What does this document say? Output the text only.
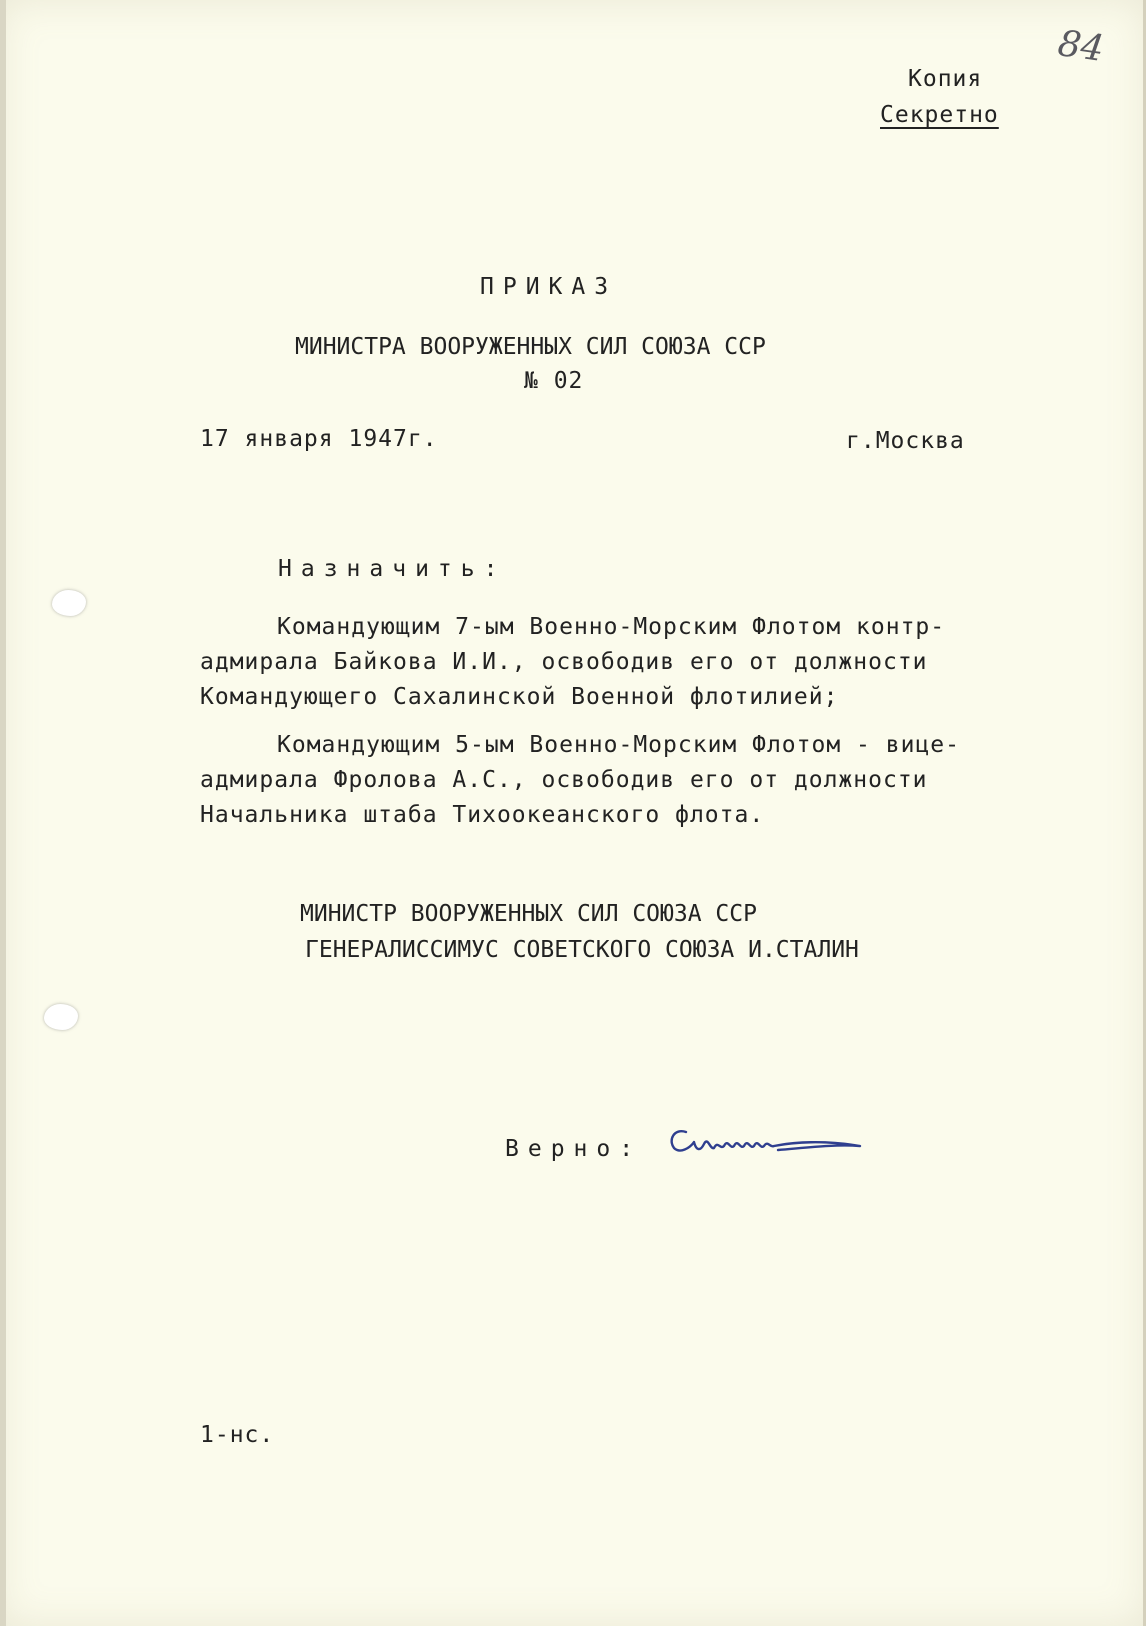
84
Копия
Секретно
ПРИКАЗ
МИНИСТРА ВООРУЖЕННЫХ СИЛ СОЮЗА ССР
№ 02
17 января 1947г.	г.Москва
Назначить:
Командующим 7-ым Военно-Морским Флотом контр-
адмирала Байкова И.И., освободив его от должности
Командующего Сахалинской Военной флотилией;
Командующим 5-ым Военно-Морским Флотом - вице-
адмирала Фролова А.С., освободив его от должности
Начальника штаба Тихоокеанского флота.
МИНИСТР ВООРУЖЕННЫХ СИЛ СОЮЗА ССР
ГЕНЕРАЛИССИМУС СОВЕТСКОГО СОЮЗА И.СТАЛИН
Верно:
1-нс.
